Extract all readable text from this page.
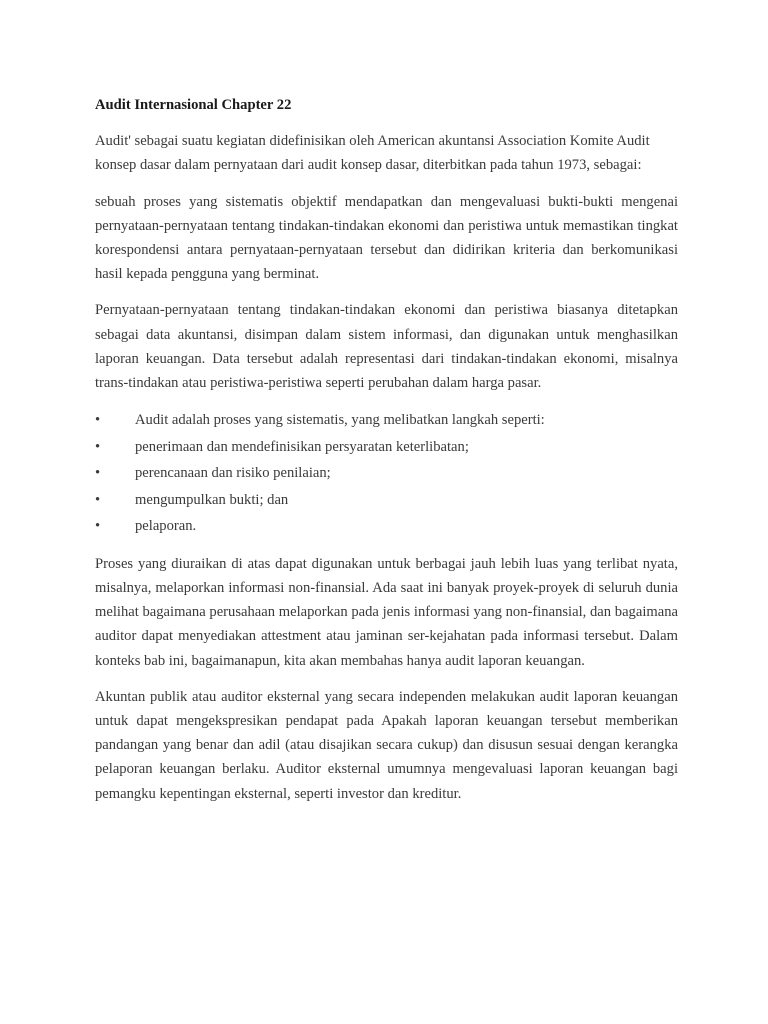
Audit Internasional Chapter 22
Audit' sebagai suatu kegiatan didefinisikan oleh American akuntansi Association Komite Audit konsep dasar dalam pernyataan dari audit konsep dasar, diterbitkan pada tahun 1973, sebagai:
sebuah proses yang sistematis objektif mendapatkan dan mengevaluasi bukti-bukti mengenai pernyataan-pernyataan tentang tindakan-tindakan ekonomi dan peristiwa untuk memastikan tingkat korespondensi antara pernyataan-pernyataan tersebut dan didirikan kriteria dan berkomunikasi hasil kepada pengguna yang berminat.
Pernyataan-pernyataan tentang tindakan-tindakan ekonomi dan peristiwa biasanya ditetapkan sebagai data akuntansi, disimpan dalam sistem informasi, dan digunakan untuk menghasilkan laporan keuangan. Data tersebut adalah representasi dari tindakan-tindakan ekonomi, misalnya trans-tindakan atau peristiwa-peristiwa seperti perubahan dalam harga pasar.
•	Audit adalah proses yang sistematis, yang melibatkan langkah seperti:
•	penerimaan dan mendefinisikan persyaratan keterlibatan;
•	perencanaan dan risiko penilaian;
•	mengumpulkan bukti; dan
•	pelaporan.
Proses yang diuraikan di atas dapat digunakan untuk berbagai jauh lebih luas yang terlibat nyata, misalnya, melaporkan informasi non-finansial. Ada saat ini banyak proyek-proyek di seluruh dunia melihat bagaimana perusahaan melaporkan pada jenis informasi yang non-finansial, dan bagaimana auditor dapat menyediakan attestment atau jaminan ser-kejahatan pada informasi tersebut. Dalam konteks bab ini, bagaimanapun, kita akan membahas hanya audit laporan keuangan.
Akuntan publik atau auditor eksternal yang secara independen melakukan audit laporan keuangan untuk dapat mengekspresikan pendapat pada Apakah laporan keuangan tersebut memberikan pandangan yang benar dan adil (atau disajikan secara cukup) dan disusun sesuai dengan kerangka pelaporan keuangan berlaku. Auditor eksternal umumnya mengevaluasi laporan keuangan bagi pemangku kepentingan eksternal, seperti investor dan kreditur.
